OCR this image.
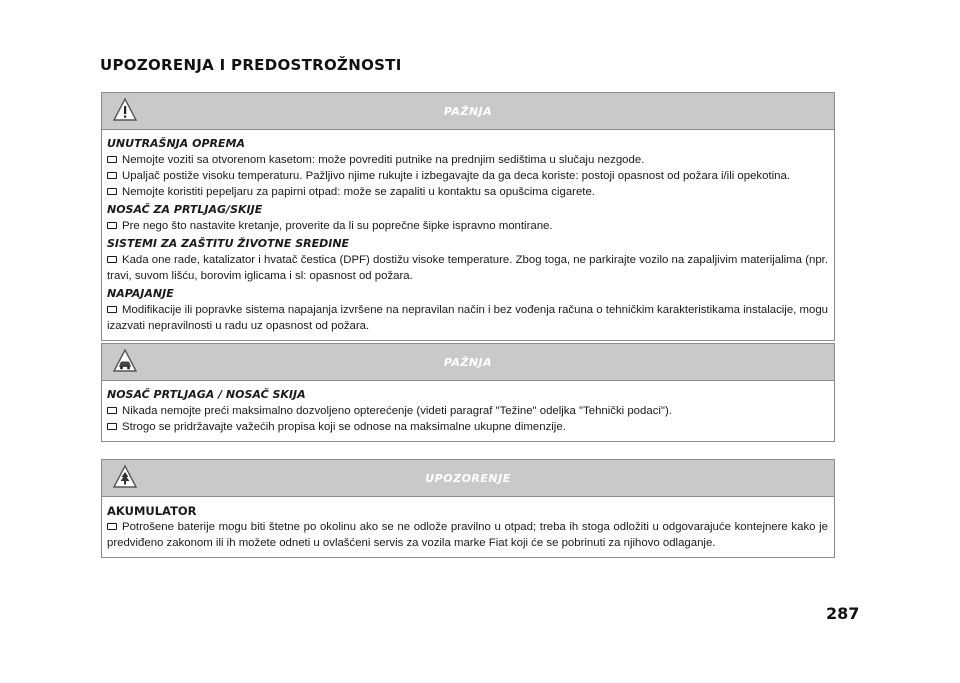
UPOZORENJA I PREDOSTROŽNOSTI
PAŽNJA
UNUTRAŠNJA OPREMA
Nemojte voziti sa otvorenom kasetom: može povrediti putnike na prednjim sedištima u slučaju nezgode.
Upaljač postiže visoku temperaturu. Pažljivo njime rukujte i izbegavajte da ga deca koriste: postoji opasnost od požara i/ili opekotina.
Nemojte koristiti pepeljaru za papirni otpad: može se zapaliti u kontaktu sa opušcima cigarete.
NOSAČ ZA PRTLJAG/SKIJE
Pre nego što nastavite kretanje, proverite da li su poprečne šipke ispravno montirane.
SISTEMI ZA ZAŠTITU ŽIVOTNE SREDINE
Kada one rade, katalizator i hvatač čestica (DPF) dostižu visoke temperature. Zbog toga, ne parkirajte vozilo na zapaljivim materijalima (npr. travi, suvom lišću, borovim iglicama i sl: opasnost od požara.
NAPAJANJE
Modifikacije ili popravke sistema napajanja izvršene na nepravilan način i bez vođenja računa o tehničkim karakteristikama instalacije, mogu izazvati nepravilnosti u radu uz opasnost od požara.
PAŽNJA
NOSAČ PRTLJAGA / NOSAČ SKIJA
Nikada nemojte preći maksimalno dozvoljeno opterećenje (videti paragraf "Težine" odeljka "Tehnički podaci").
Strogo se pridržavajte važećih propisa koji se odnose na maksimalne ukupne dimenzije.
UPOZORENJE
AKUMULATOR
Potrošene baterije mogu biti štetne po okolinu ako se ne odlože pravilno u otpad; treba ih stoga odložiti u odgovarajuće kontejnere kako je predviđeno zakonom ili ih možete odneti u ovlašćeni servis za vozila marke Fiat koji će se pobrinuti za njihovo odlaganje.
287
